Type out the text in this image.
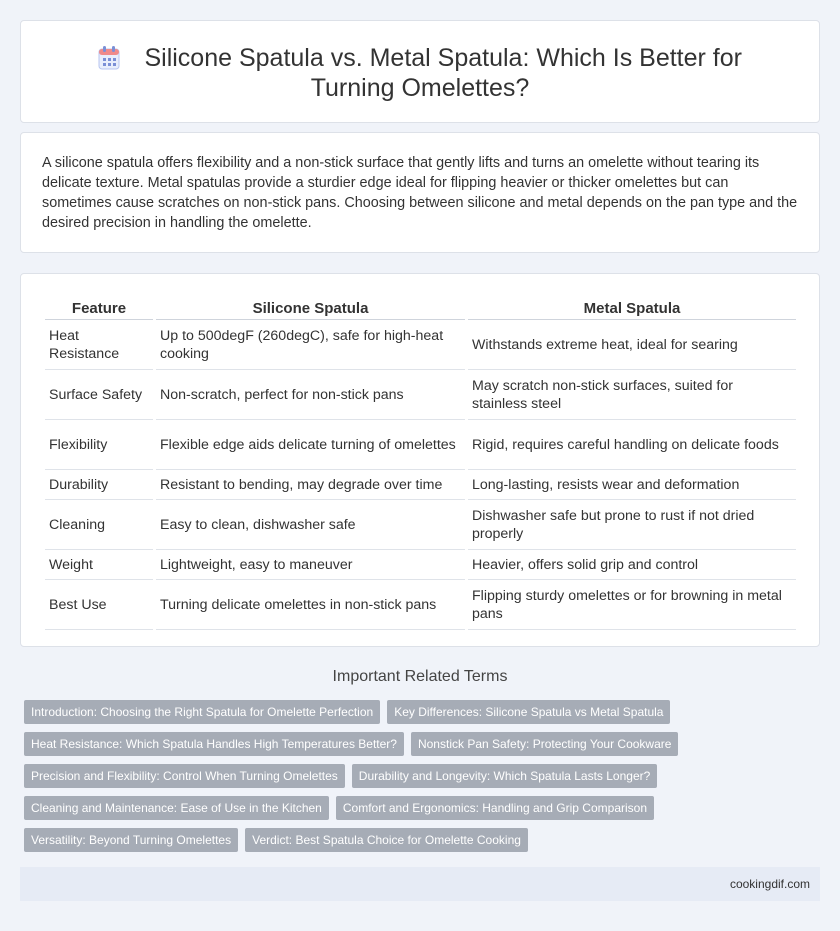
Silicone Spatula vs. Metal Spatula: Which Is Better for Turning Omelettes?

A silicone spatula offers flexibility and a non-stick surface that gently lifts and turns an omelette without tearing its delicate texture. Metal spatulas provide a sturdier edge ideal for flipping heavier or thicker omelettes but can sometimes cause scratches on non-stick pans. Choosing between silicone and metal depends on the pan type and the desired precision in handling the omelette.

Feature	Silicone Spatula	Metal Spatula
Heat Resistance	Up to 500degF (260degC), safe for high-heat cooking	Withstands extreme heat, ideal for searing
Surface Safety	Non-scratch, perfect for non-stick pans	May scratch non-stick surfaces, suited for stainless steel
Flexibility	Flexible edge aids delicate turning of omelettes	Rigid, requires careful handling on delicate foods
Durability	Resistant to bending, may degrade over time	Long-lasting, resists wear and deformation
Cleaning	Easy to clean, dishwasher safe	Dishwasher safe but prone to rust if not dried properly
Weight	Lightweight, easy to maneuver	Heavier, offers solid grip and control
Best Use	Turning delicate omelettes in non-stick pans	Flipping sturdy omelettes or for browning in metal pans
Important Related Terms
Introduction: Choosing the Right Spatula for Omelette Perfection	Key Differences: Silicone Spatula vs Metal Spatula
Heat Resistance: Which Spatula Handles High Temperatures Better?	Nonstick Pan Safety: Protecting Your Cookware
Precision and Flexibility: Control When Turning Omelettes	Durability and Longevity: Which Spatula Lasts Longer?
Cleaning and Maintenance: Ease of Use in the Kitchen	Comfort and Ergonomics: Handling and Grip Comparison
Versatility: Beyond Turning Omelettes	Verdict: Best Spatula Choice for Omelette Cooking
cookingdif.com
